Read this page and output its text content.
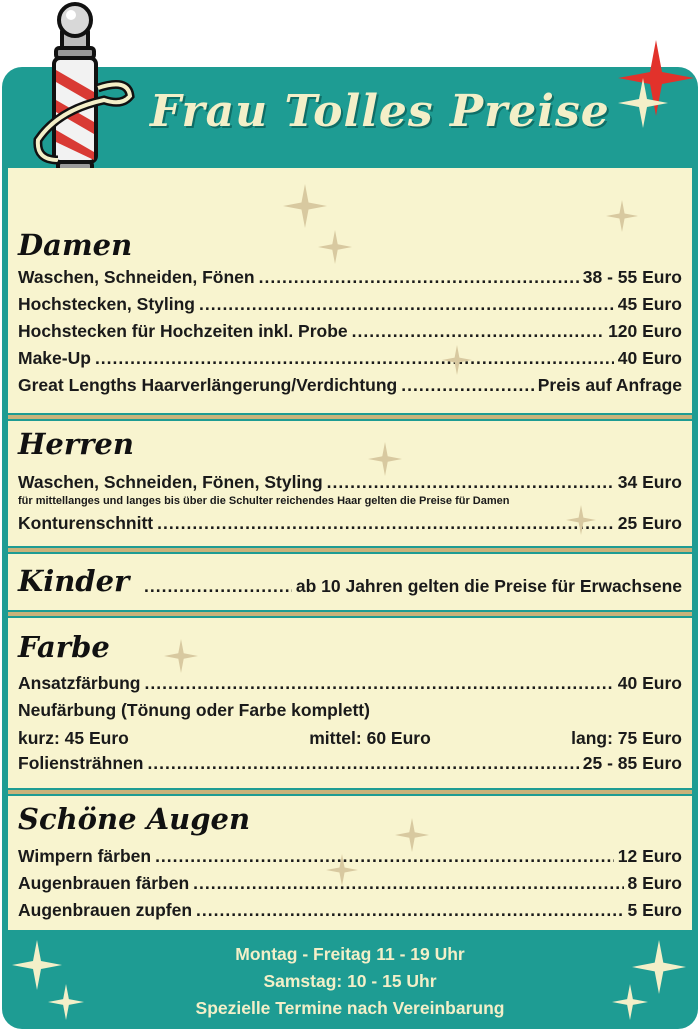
Frau Tolles Preise
Damen
Waschen, Schneiden, Fönen .....	38 - 55 Euro
Hochstecken, Styling .....	45 Euro
Hochstecken für Hochzeiten inkl. Probe .....	120 Euro
Make-Up .....	40 Euro
Great Lengths Haarverlängerung/Verdichtung .....	Preis auf Anfrage
Herren
Waschen, Schneiden, Fönen, Styling .....	34 Euro
für mittellanges und langes bis über die Schulter reichendes Haar gelten die Preise für Damen
Konturenschnitt .....	25 Euro
Kinder .....	ab 10 Jahren gelten die Preise für Erwachsene
Farbe
Ansatzfärbung .....	40 Euro
Neufärbung (Tönung oder Farbe komplett)
kurz: 45 Euro	mittel: 60 Euro	lang: 75 Euro
Foliensträhnen .....	25 - 85 Euro
Schöne Augen
Wimpern färben .....	12 Euro
Augenbrauen färben .....	8 Euro
Augenbrauen zupfen .....	5 Euro
Montag - Freitag 11 - 19 Uhr
Samstag: 10 - 15 Uhr
Spezielle Termine nach Vereinbarung
